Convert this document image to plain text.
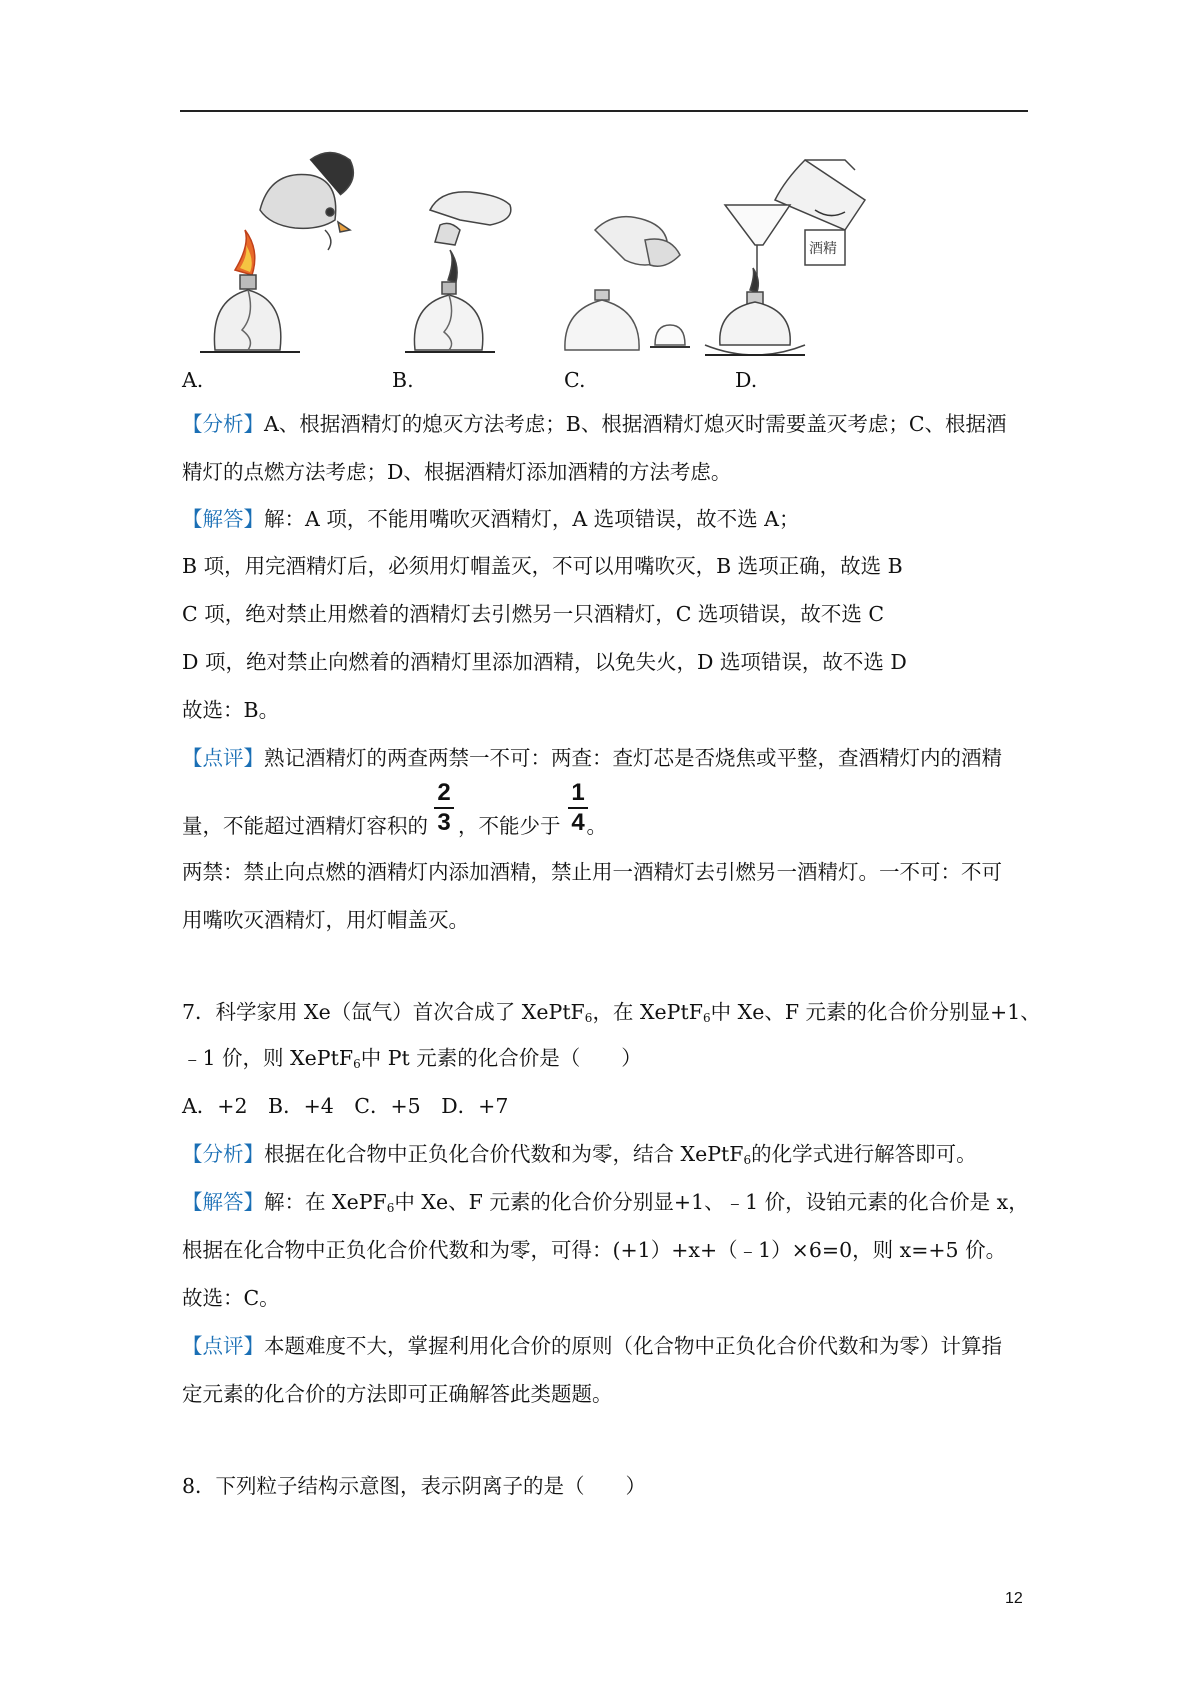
酒精
A.	B.	C.	D.
【分析】A、根据酒精灯的熄灭方法考虑；B、根据酒精灯熄灭时需要盖灭考虑；C、根据酒
精灯的点燃方法考虑；D、根据酒精灯添加酒精的方法考虑。
【解答】解：A 项，不能用嘴吹灭酒精灯，A 选项错误，故不选 A；
B 项，用完酒精灯后，必须用灯帽盖灭，不可以用嘴吹灭，B 选项正确，故选 B
C 项，绝对禁止用燃着的酒精灯去引燃另一只酒精灯，C 选项错误，故不选 C
D 项，绝对禁止向燃着的酒精灯里添加酒精，以免失火，D 选项错误，故不选 D
故选：B。
【点评】熟记酒精灯的两查两禁一不可：两查：查灯芯是否烧焦或平整，查酒精灯内的酒精
量，不能超过酒精灯容积的 ，不能少于 。
2
3
1
4
两禁：禁止向点燃的酒精灯内添加酒精，禁止用一酒精灯去引燃另一酒精灯。一不可：不可
用嘴吹灭酒精灯，用灯帽盖灭。
7．科学家用 Xe（氙气）首次合成了 XePtF$_6$，在 XePtF$_6$中 Xe、F 元素的化合价分别显+1、
﹣1 价，则 XePtF$_6$中 Pt 元素的化合价是（　　）
A．+2　B．+4　C．+5　D．+7
【分析】根据在化合物中正负化合价代数和为零，结合 XePtF$_6$的化学式进行解答即可。
【解答】解：在 XePF$_6$中 Xe、F 元素的化合价分别显+1、﹣1 价，设铂元素的化合价是 x，
根据在化合物中正负化合价代数和为零，可得：(+1）+x+（﹣1）×6=0，则 x=+5 价。
故选：C。
【点评】本题难度不大，掌握利用化合价的原则（化合物中正负化合价代数和为零）计算指
定元素的化合价的方法即可正确解答此类题题。
8．下列粒子结构示意图，表示阴离子的是（　　）
12
